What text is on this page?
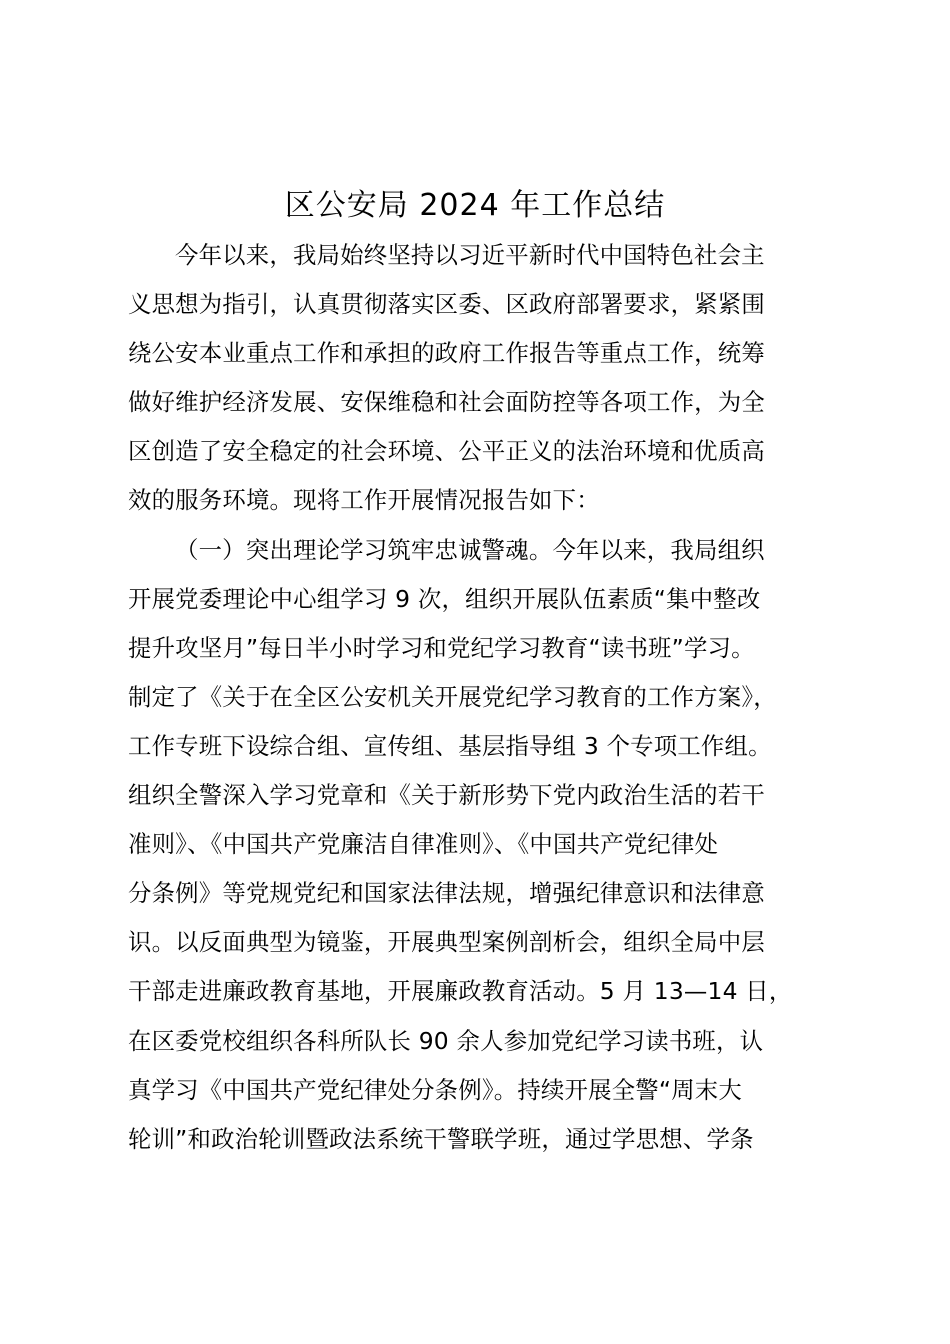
区公安局 2024 年工作总结
今年以来，我局始终坚持以习近平新时代中国特色社会主
义思想为指引，认真贯彻落实区委、区政府部署要求，紧紧围
绕公安本业重点工作和承担的政府工作报告等重点工作，统筹
做好维护经济发展、安保维稳和社会面防控等各项工作，为全
区创造了安全稳定的社会环境、公平正义的法治环境和优质高
效的服务环境。现将工作开展情况报告如下：
（一）突出理论学习筑牢忠诚警魂。今年以来，我局组织
开展党委理论中心组学习 9 次，组织开展队伍素质“集中整改
提升攻坚月”每日半小时学习和党纪学习教育“读书班”学习。
制定了《关于在全区公安机关开展党纪学习教育的工作方案》，
工作专班下设综合组、宣传组、基层指导组 3 个专项工作组。
组织全警深入学习党章和《关于新形势下党内政治生活的若干
准则》、《中国共产党廉洁自律准则》、《中国共产党纪律处
分条例》等党规党纪和国家法律法规，增强纪律意识和法律意
识。以反面典型为镜鉴，开展典型案例剖析会，组织全局中层
干部走进廉政教育基地，开展廉政教育活动。5 月 13—14 日，
在区委党校组织各科所队长 90 余人参加党纪学习读书班，认
真学习《中国共产党纪律处分条例》。持续开展全警“周末大
轮训”和政治轮训暨政法系统干警联学班，通过学思想、学条
